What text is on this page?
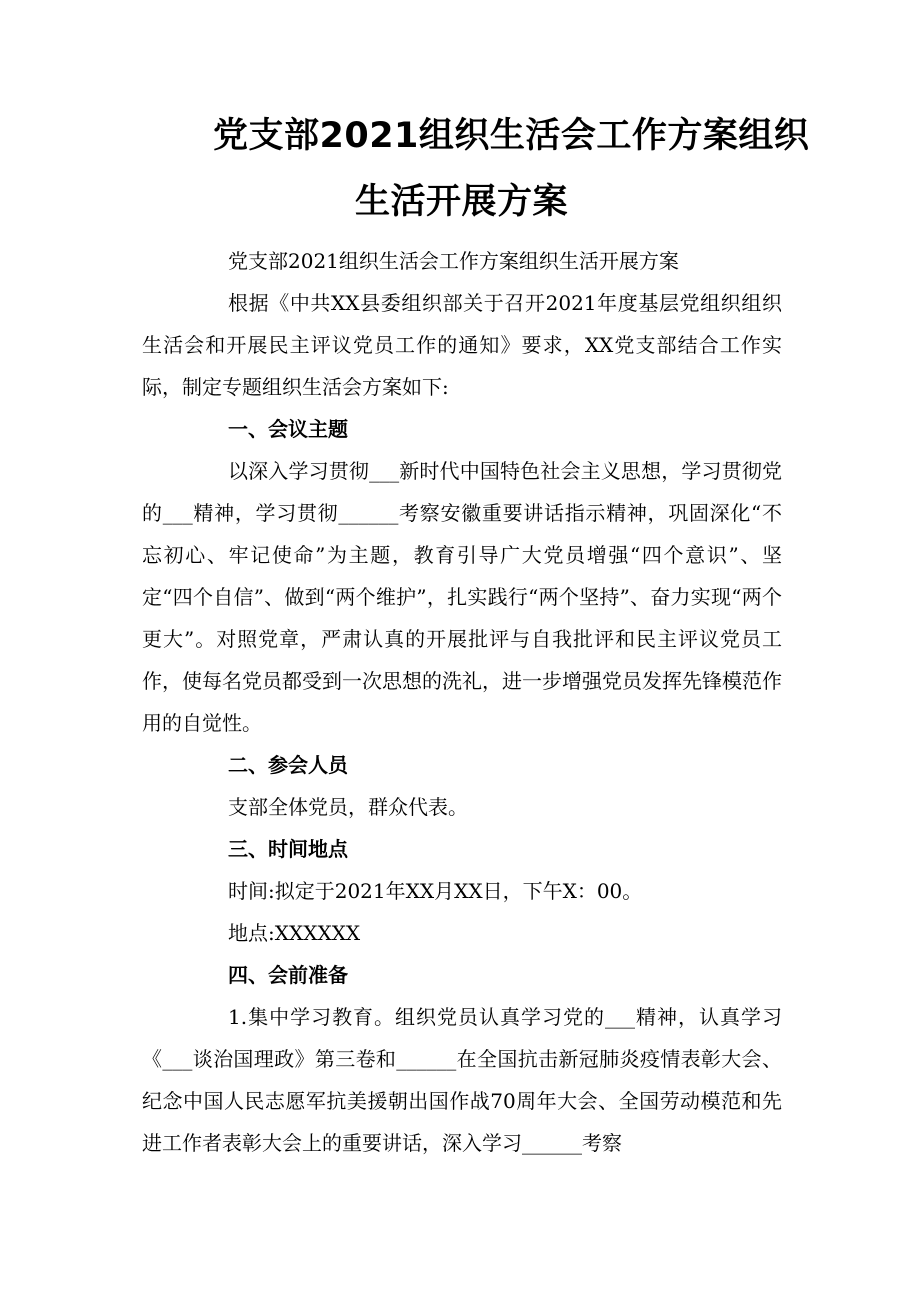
党支部2021组织生活会工作方案组织
生活开展方案

党支部2021组织生活会工作方案组织生活开展方案

根据《中共XX县委组织部关于召开2021年度基层党组织组织生活会和开展民主评议党员工作的通知》要求，XX党支部结合工作实际，制定专题组织生活会方案如下:

一、会议主题

以深入学习贯彻___新时代中国特色社会主义思想，学习贯彻党的___精神，学习贯彻______考察安徽重要讲话指示精神，巩固深化“不忘初心、牢记使命”为主题，教育引导广大党员增强“四个意识”、坚定“四个自信”、做到“两个维护”，扎实践行“两个坚持”、奋力实现“两个更大”。对照党章，严肃认真的开展批评与自我批评和民主评议党员工作，使每名党员都受到一次思想的洗礼，进一步增强党员发挥先锋模范作用的自觉性。

二、参会人员

支部全体党员，群众代表。

三、时间地点

时间:拟定于2021年XX月XX日，下午X：00。

地点:XXXXXX

四、会前准备

1.集中学习教育。组织党员认真学习党的___精神，认真学习《___谈治国理政》第三卷和______在全国抗击新冠肺炎疫情表彰大会、纪念中国人民志愿军抗美援朝出国作战70周年大会、全国劳动模范和先进工作者表彰大会上的重要讲话，深入学习______考察
